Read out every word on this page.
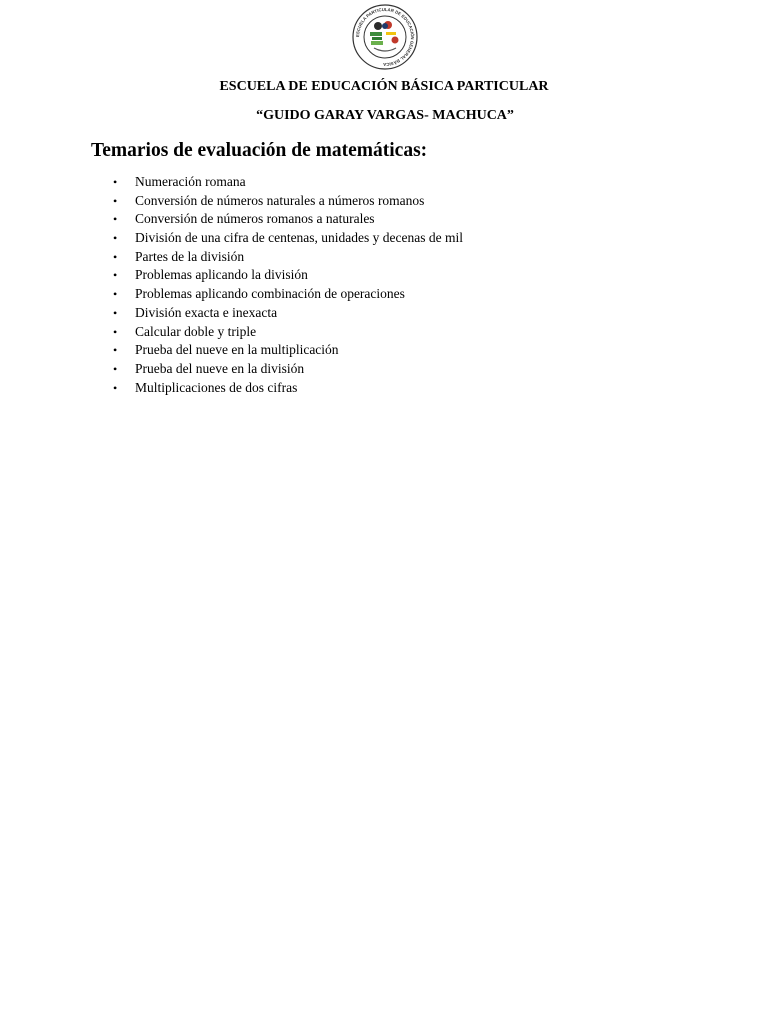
ESCUELA PARTICULAR DE EDUCACIÓN GENERAL BÁSICA
ESCUELA DE EDUCACIÓN BÁSICA PARTICULAR
“GUIDO GARAY VARGAS- MACHUCA”
Temarios de evaluación de matemáticas:
• Numeración romana
• Conversión de números naturales a números romanos
• Conversión de números romanos a naturales
• División de una cifra de centenas, unidades y decenas de mil
• Partes de la división
• Problemas aplicando la división
• Problemas aplicando combinación de operaciones
• División exacta e inexacta
• Calcular doble y triple
• Prueba del nueve en la multiplicación
• Prueba del nueve en la división
• Multiplicaciones de dos cifras
